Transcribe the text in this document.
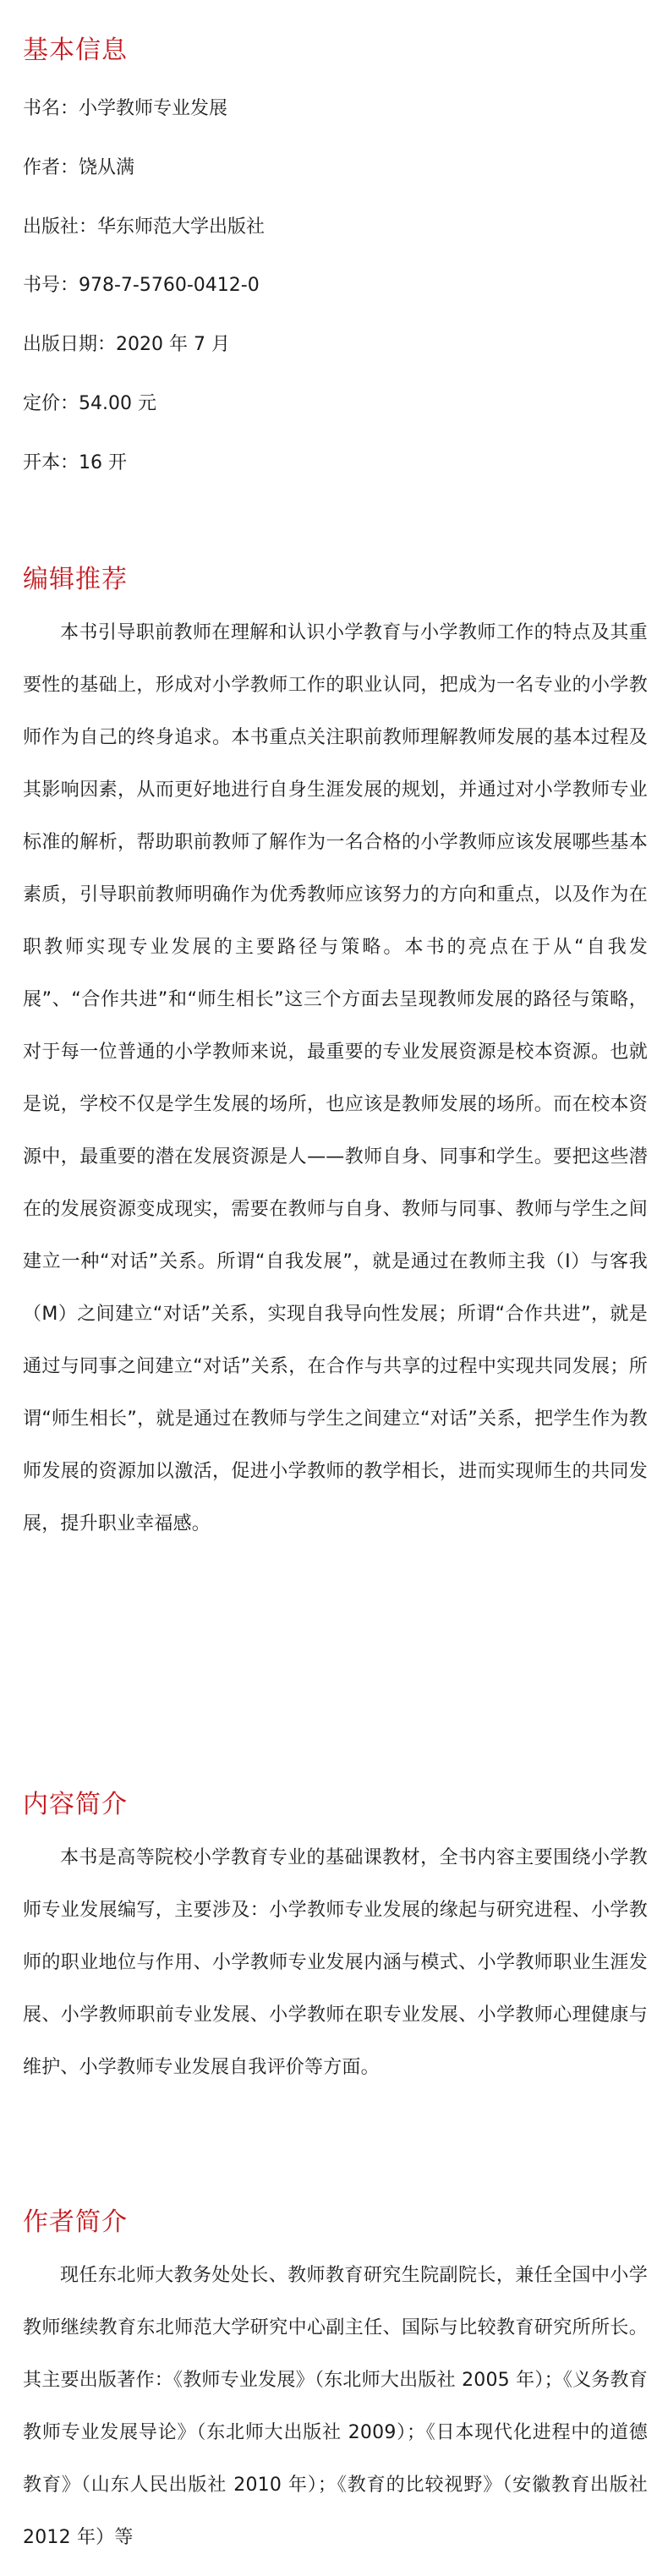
基本信息

书名：小学教师专业发展

作者：饶从满

出版社：华东师范大学出版社

书号：978-7-5760-0412-0

出版日期：2020 年 7 月

定价：54.00 元

开本：16 开

编辑推荐

本书引导职前教师在理解和认识小学教育与小学教师工作的特点及其重要性的基础上，形成对小学教师工作的职业认同，把成为一名专业的小学教师作为自己的终身追求。本书重点关注职前教师理解教师发展的基本过程及其影响因素，从而更好地进行自身生涯发展的规划，并通过对小学教师专业标准的解析，帮助职前教师了解作为一名合格的小学教师应该发展哪些基本素质，引导职前教师明确作为优秀教师应该努力的方向和重点，以及作为在职教师实现专业发展的主要路径与策略。本书的亮点在于从“自我发展”、“合作共进”和“师生相长”这三个方面去呈现教师发展的路径与策略，对于每一位普通的小学教师来说，最重要的专业发展资源是校本资源。也就是说，学校不仅是学生发展的场所，也应该是教师发展的场所。而在校本资源中，最重要的潜在发展资源是人——教师自身、同事和学生。要把这些潜在的发展资源变成现实，需要在教师与自身、教师与同事、教师与学生之间建立一种“对话”关系。所谓“自我发展”，就是通过在教师主我（I）与客我（M）之间建立“对话”关系，实现自我导向性发展；所谓“合作共进”，就是通过与同事之间建立“对话”关系，在合作与共享的过程中实现共同发展；所谓“师生相长”，就是通过在教师与学生之间建立“对话”关系，把学生作为教师发展的资源加以激活，促进小学教师的教学相长，进而实现师生的共同发展，提升职业幸福感。

内容简介

本书是高等院校小学教育专业的基础课教材，全书内容主要围绕小学教师专业发展编写，主要涉及：小学教师专业发展的缘起与研究进程、小学教师的职业地位与作用、小学教师专业发展内涵与模式、小学教师职业生涯发展、小学教师职前专业发展、小学教师在职专业发展、小学教师心理健康与维护、小学教师专业发展自我评价等方面。

作者简介

现任东北师大教务处处长、教师教育研究生院副院长，兼任全国中小学教师继续教育东北师范大学研究中心副主任、国际与比较教育研究所所长。其主要出版著作：《教师专业发展》（东北师大出版社 2005 年）；《义务教育教师专业发展导论》（东北师大出版社 2009）；《日本现代化进程中的道德教育》（山东人民出版社 2010 年）；《教育的比较视野》（安徽教育出版社 2012 年）等
